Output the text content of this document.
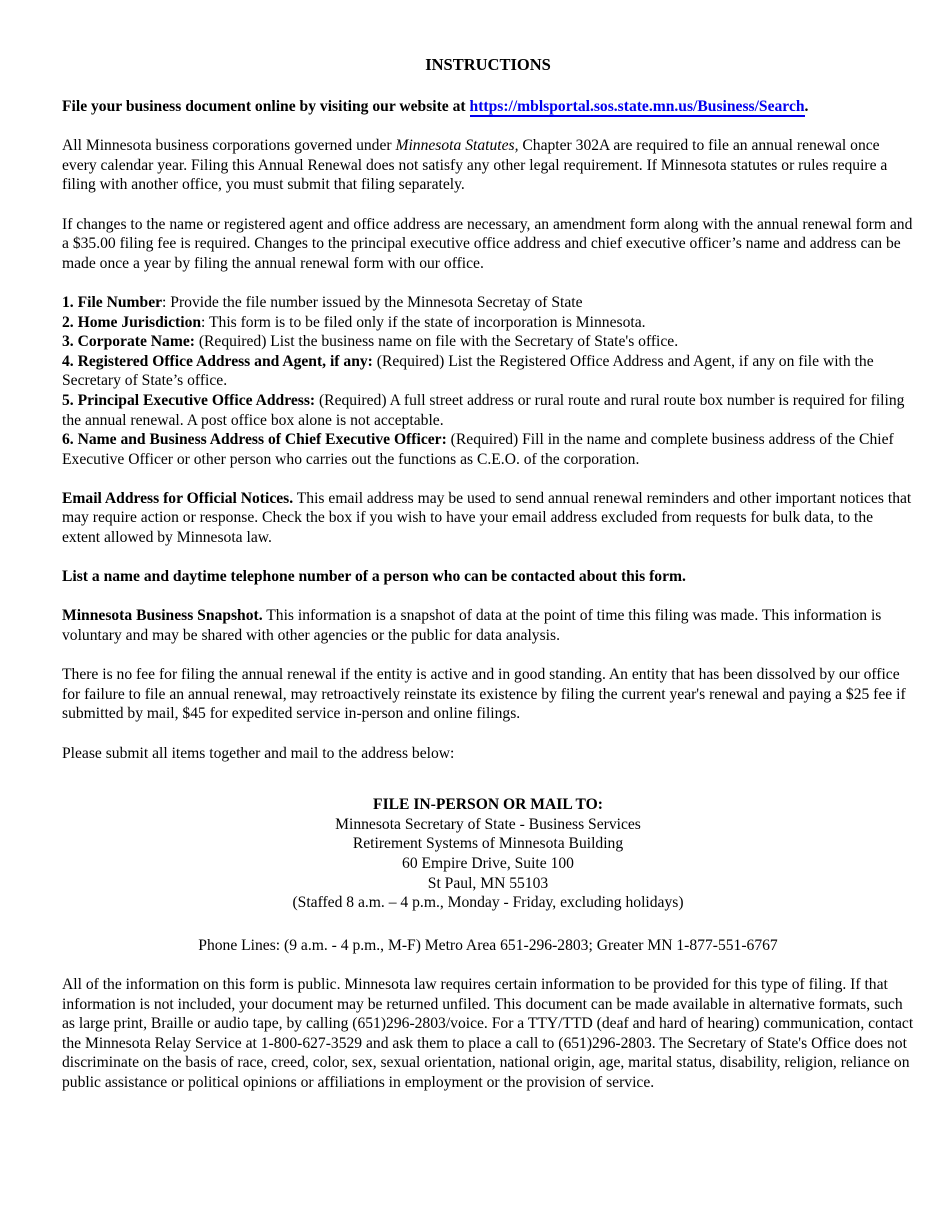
INSTRUCTIONS

File your business document online by visiting our website at https://mblsportal.sos.state.mn.us/Business/Search.

All Minnesota business corporations governed under Minnesota Statutes, Chapter 302A are required to file an annual renewal once every calendar year. Filing this Annual Renewal does not satisfy any other legal requirement. If Minnesota statutes or rules require a filing with another office, you must submit that filing separately.

If changes to the name or registered agent and office address are necessary, an amendment form along with the annual renewal form and a $35.00 filing fee is required. Changes to the principal executive office address and chief executive officer’s name and address can be made once a year by filing the annual renewal form with our office.

1. File Number: Provide the file number issued by the Minnesota Secretay of State

2. Home Jurisdiction: This form is to be filed only if the state of incorporation is Minnesota.

3. Corporate Name: (Required) List the business name on file with the Secretary of State's office.

4. Registered Office Address and Agent, if any: (Required) List the Registered Office Address and Agent, if any on file with the Secretary of State’s office.

5. Principal Executive Office Address: (Required) A full street address or rural route and rural route box number is required for filing the annual renewal. A post office box alone is not acceptable.

6. Name and Business Address of Chief Executive Officer: (Required) Fill in the name and complete business address of the Chief Executive Officer or other person who carries out the functions as C.E.O. of the corporation.

Email Address for Official Notices. This email address may be used to send annual renewal reminders and other important notices that may require action or response. Check the box if you wish to have your email address excluded from requests for bulk data, to the extent allowed by Minnesota law.

List a name and daytime telephone number of a person who can be contacted about this form.

Minnesota Business Snapshot. This information is a snapshot of data at the point of time this filing was made. This information is voluntary and may be shared with other agencies or the public for data analysis.

There is no fee for filing the annual renewal if the entity is active and in good standing. An entity that has been dissolved by our office for failure to file an annual renewal, may retroactively reinstate its existence by filing the current year's renewal and paying a $25 fee if submitted by mail, $45 for expedited service in-person and online filings.

Please submit all items together and mail to the address below:

FILE IN-PERSON OR MAIL TO:

Minnesota Secretary of State - Business Services

Retirement Systems of Minnesota Building

60 Empire Drive, Suite 100

St Paul, MN 55103

(Staffed 8 a.m. – 4 p.m., Monday - Friday, excluding holidays)

Phone Lines: (9 a.m. - 4 p.m., M-F) Metro Area 651-296-2803; Greater MN 1-877-551-6767

All of the information on this form is public. Minnesota law requires certain information to be provided for this type of filing. If that information is not included, your document may be returned unfiled. This document can be made available in alternative formats, such as large print, Braille or audio tape, by calling (651)296-2803/voice. For a TTY/TTD (deaf and hard of hearing) communication, contact the Minnesota Relay Service at 1-800-627-3529 and ask them to place a call to (651)296-2803. The Secretary of State's Office does not discriminate on the basis of race, creed, color, sex, sexual orientation, national origin, age, marital status, disability, religion, reliance on public assistance or political opinions or affiliations in employment or the provision of service.
